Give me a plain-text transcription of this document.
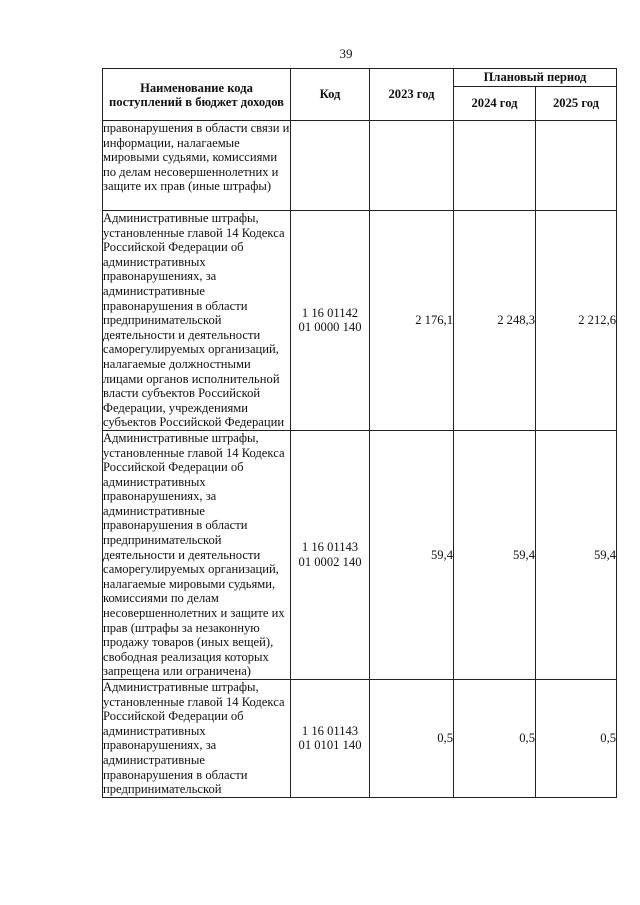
39
Наименование кода поступлений в бюджет доходов	Код	2023 год	Плановый период	
			2024 год	2025 год
правонарушения в области связи и информации, налагаемые мировыми судьями, комиссиями по делам несовершеннолетних и защите их прав (иные штрафы)				
Административные штрафы, установленные главой 14 Кодекса Российской Федерации об административных правонарушениях, за административные правонарушения в области предпринимательской деятельности и деятельности саморегулируемых организаций, налагаемые должностными лицами органов исполнительной власти субъектов Российской Федерации, учреждениями субъектов Российской Федерации	1 16 01142
01 0000 140	2 176,1	2 248,3	2 212,6
Административные штрафы, установленные главой 14 Кодекса Российской Федерации об административных правонарушениях, за административные правонарушения в области предпринимательской деятельности и деятельности саморегулируемых организаций, налагаемые мировыми судьями, комиссиями по делам несовершеннолетних и защите их прав (штрафы за незаконную продажу товаров (иных вещей), свободная реализация которых запрещена или ограничена)	1 16 01143
01 0002 140	59,4	59,4	59,4
Административные штрафы, установленные главой 14 Кодекса Российской Федерации об административных правонарушениях, за административные правонарушения в области предпринимательской	1 16 01143
01 0101 140	0,5	0,5	0,5
